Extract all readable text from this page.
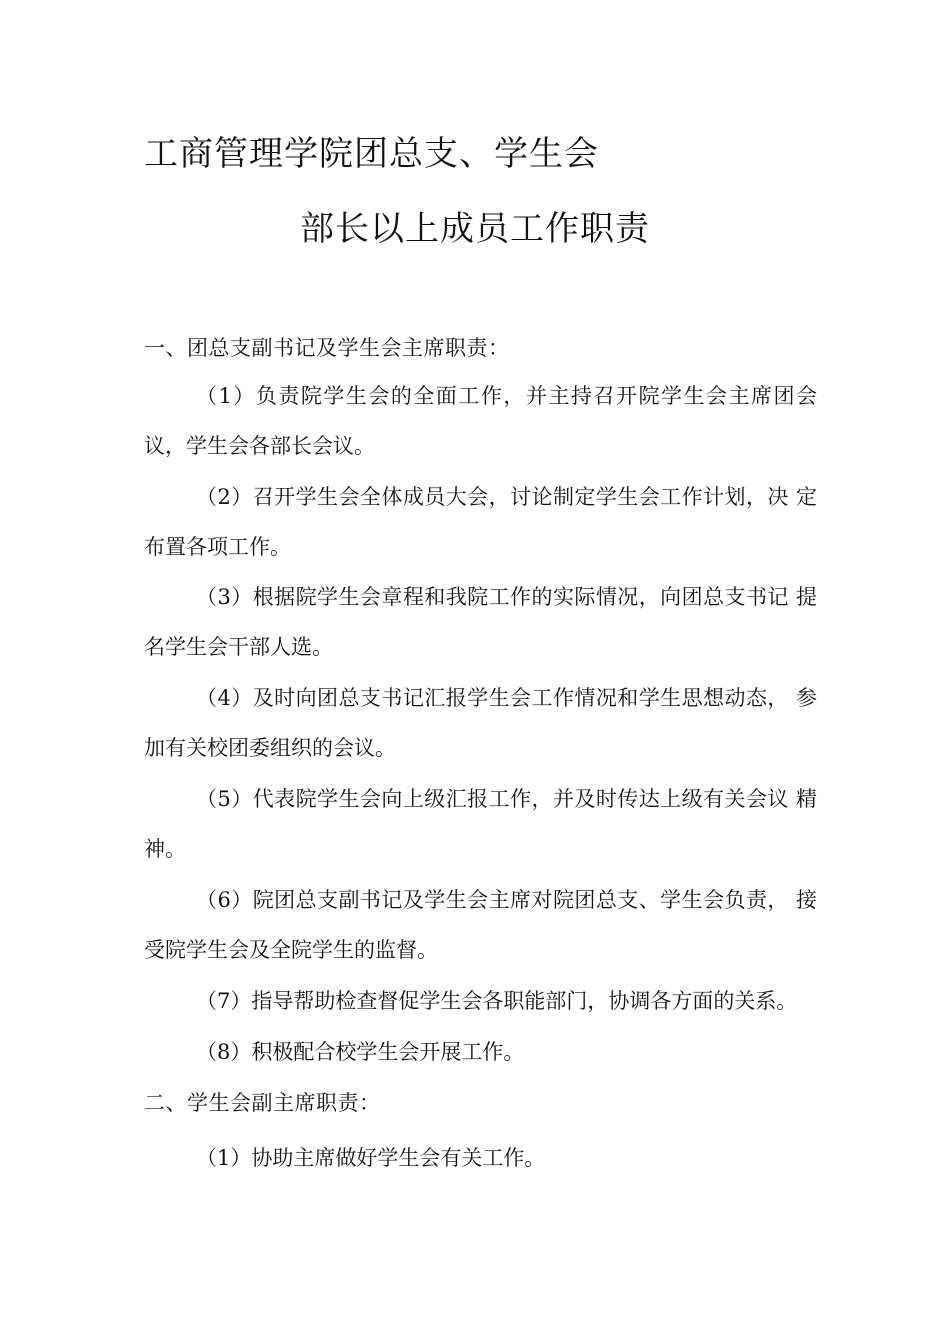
工商管理学院团总支、学生会
部长以上成员工作职责
一、团总支副书记及学生会主席职责：
（1）负责院学生会的全面工作，并主持召开院学生会主席团会
议，学生会各部长会议。
（2）召开学生会全体成员大会，讨论制定学生会工作计划，决 定
布置各项工作。
（3）根据院学生会章程和我院工作的实际情况，向团总支书记 提
名学生会干部人选。
（4）及时向团总支书记汇报学生会工作情况和学生思想动态， 参
加有关校团委组织的会议。
（5）代表院学生会向上级汇报工作，并及时传达上级有关会议 精
神。
（6）院团总支副书记及学生会主席对院团总支、学生会负责， 接
受院学生会及全院学生的监督。
（7）指导帮助检查督促学生会各职能部门，协调各方面的关系。
（8）积极配合校学生会开展工作。
二、学生会副主席职责：
（1）协助主席做好学生会有关工作。
